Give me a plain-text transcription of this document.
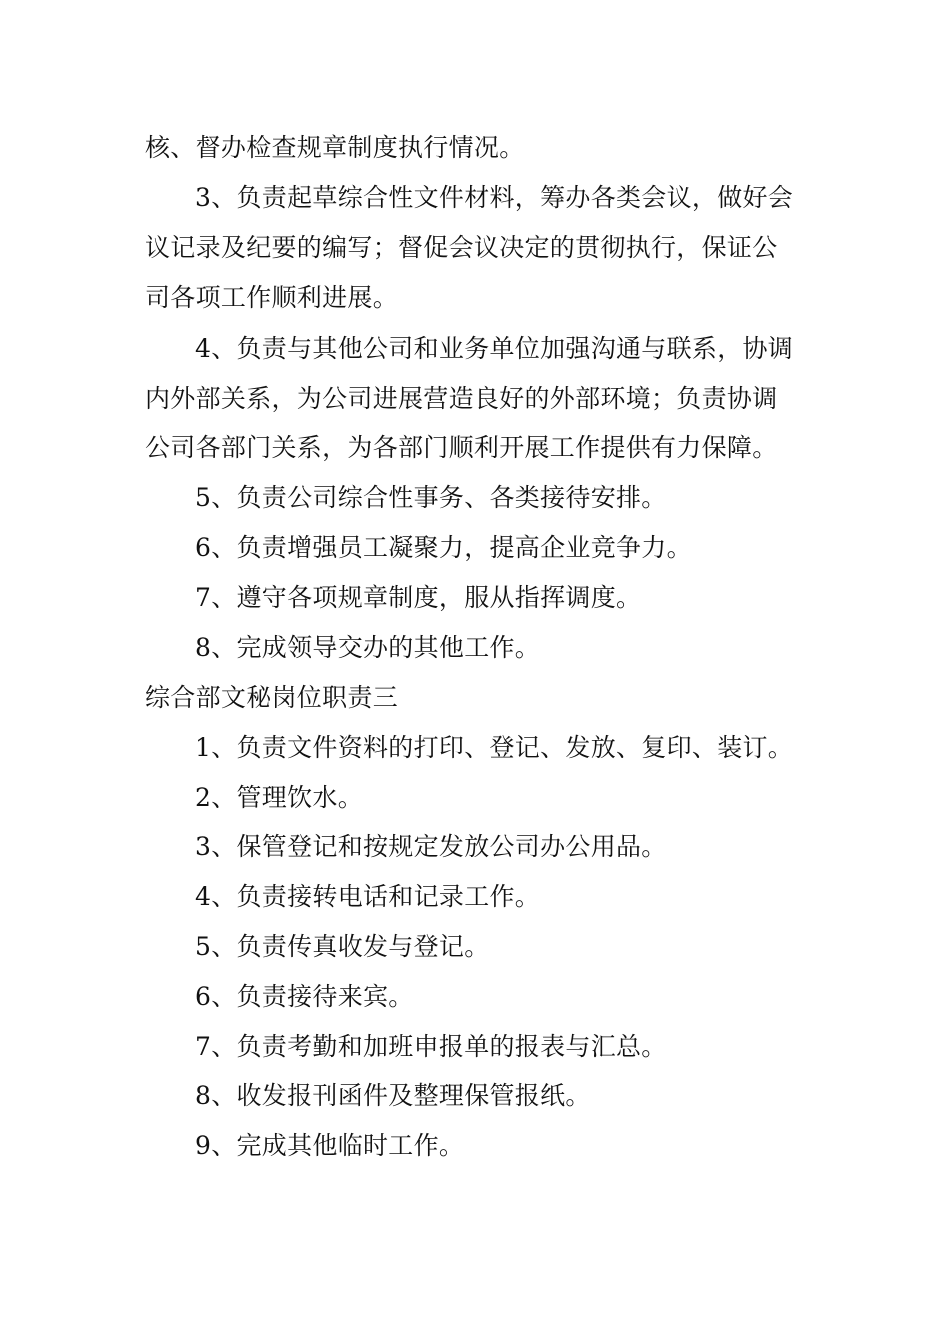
核、督办检查规章制度执行情况。
3、负责起草综合性文件材料，筹办各类会议，做好会
议记录及纪要的编写；督促会议决定的贯彻执行，保证公
司各项工作顺利进展。
4、负责与其他公司和业务单位加强沟通与联系，协调
内外部关系，为公司进展营造良好的外部环境；负责协调
公司各部门关系，为各部门顺利开展工作提供有力保障。
5、负责公司综合性事务、各类接待安排。
6、负责增强员工凝聚力，提高企业竞争力。
7、遵守各项规章制度，服从指挥调度。
8、完成领导交办的其他工作。
综合部文秘岗位职责三
1、负责文件资料的打印、登记、发放、复印、装订。
2、管理饮水。
3、保管登记和按规定发放公司办公用品。
4、负责接转电话和记录工作。
5、负责传真收发与登记。
6、负责接待来宾。
7、负责考勤和加班申报单的报表与汇总。
8、收发报刊函件及整理保管报纸。
9、完成其他临时工作。
